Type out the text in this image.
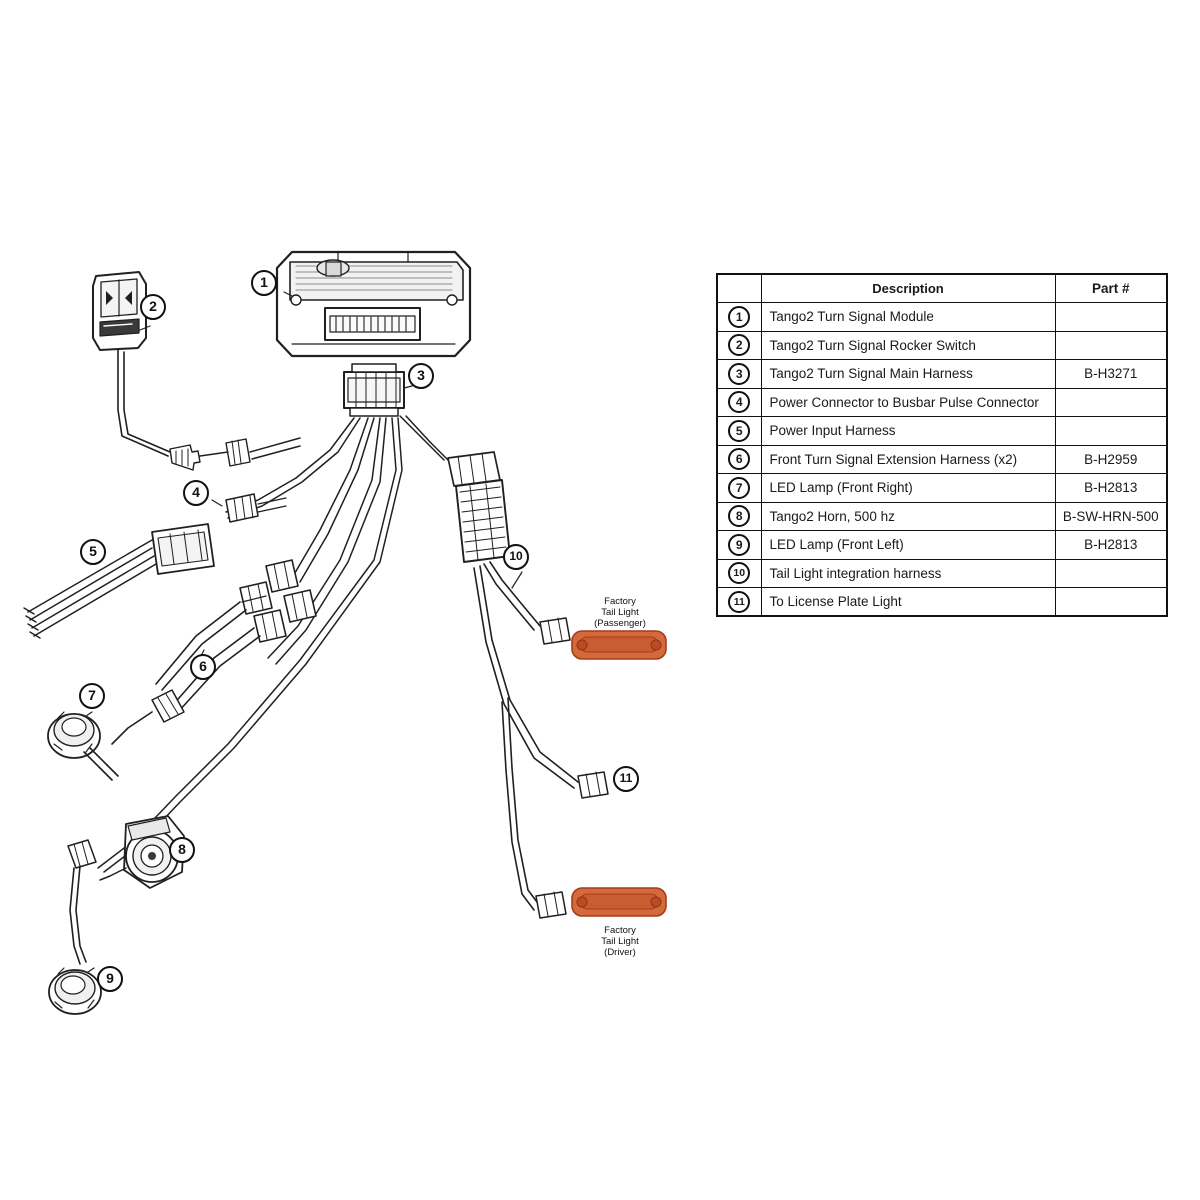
1
2
3
4
5
6
7
8
9
10
11
Factory
Tail Light
(Passenger)
Factory
Tail Light
(Driver)
	Description	Part #
1	Tango2 Turn Signal Module	
2	Tango2 Turn Signal Rocker Switch	
3	Tango2 Turn Signal Main Harness	B-H3271
4	Power Connector to Busbar Pulse Connector	
5	Power Input Harness	
6	Front Turn Signal Extension Harness (x2)	B-H2959
7	LED Lamp (Front Right)	B-H2813
8	Tango2 Horn, 500 hz	B-SW-HRN-500
9	LED Lamp (Front Left)	B-H2813
10	Tail Light integration harness	
11	To License Plate Light	
